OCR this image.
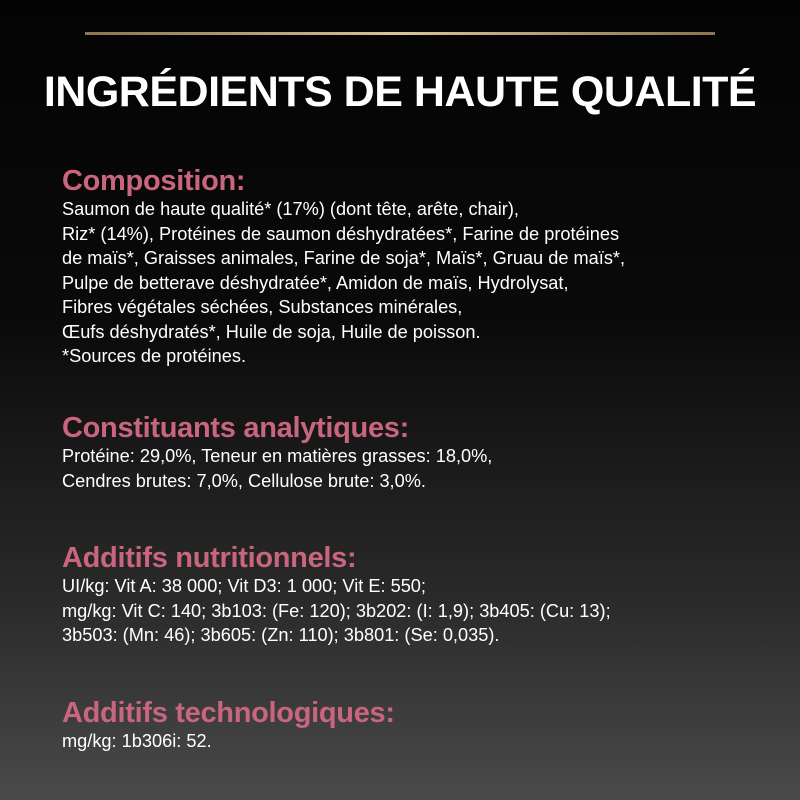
INGRÉDIENTS DE HAUTE QUALITÉ
Composition:
Saumon de haute qualité* (17%) (dont tête, arête, chair),
Riz* (14%), Protéines de saumon déshydratées*, Farine de protéines
de maïs*, Graisses animales, Farine de soja*, Maïs*, Gruau de maïs*,
Pulpe de betterave déshydratée*, Amidon de maïs, Hydrolysat,
Fibres végétales séchées, Substances minérales,
Œufs déshydratés*, Huile de soja, Huile de poisson.
*Sources de protéines.
Constituants analytiques:
Protéine: 29,0%, Teneur en matières grasses: 18,0%,
Cendres brutes: 7,0%, Cellulose brute: 3,0%.
Additifs nutritionnels:
UI/kg: Vit A: 38 000; Vit D3: 1 000; Vit E: 550;
mg/kg: Vit C: 140; 3b103: (Fe: 120); 3b202: (I: 1,9); 3b405: (Cu: 13);
3b503: (Mn: 46); 3b605: (Zn: 110); 3b801: (Se: 0,035).
Additifs technologiques:
mg/kg: 1b306i: 52.
